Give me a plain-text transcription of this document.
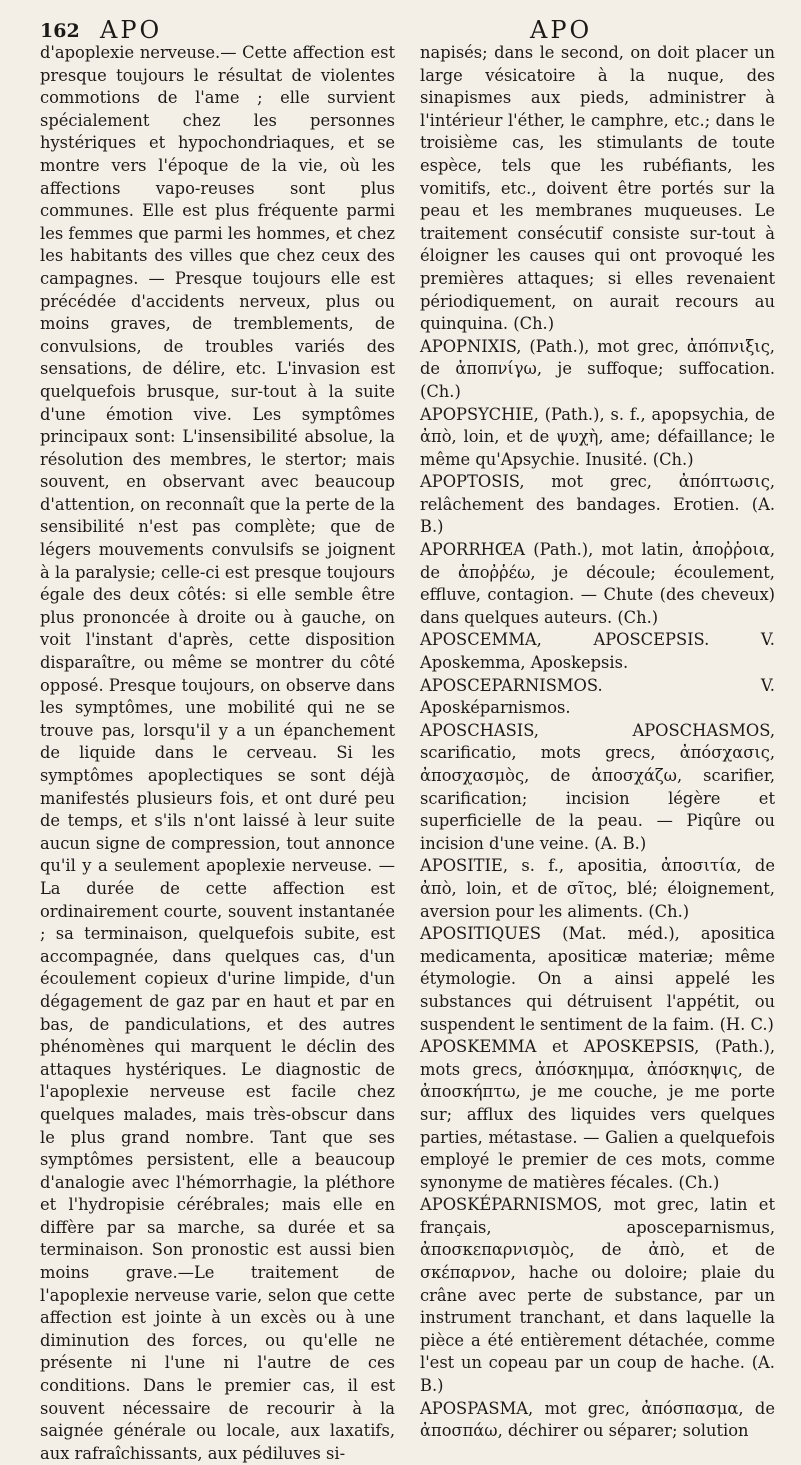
162 APO	APO

d'apoplexie nerveuse.— Cette affection est presque toujours le résultat de violentes commotions de l'ame ; elle survient spécialement chez les personnes hystériques et hypochondriaques, et se montre vers l'époque de la vie, où les affections vapo-reuses sont plus communes. Elle est plus fréquente parmi les femmes que parmi les hommes, et chez les habitants des villes que chez ceux des campagnes. — Presque toujours elle est précédée d'accidents nerveux, plus ou moins graves, de tremblements, de convulsions, de troubles variés des sensations, de délire, etc. L'invasion est quelquefois brusque, sur-tout à la suite d'une émotion vive. Les symptômes principaux sont: L'insensibilité absolue, la résolution des membres, le stertor; mais souvent, en observant avec beaucoup d'attention, on reconnaît que la perte de la sensibilité n'est pas complète; que de légers mouvements convulsifs se joignent à la paralysie; celle-ci est presque toujours égale des deux côtés: si elle semble être plus prononcée à droite ou à gauche, on voit l'instant d'après, cette disposition disparaître, ou même se montrer du côté opposé. Presque toujours, on observe dans les symptômes, une mobilité qui ne se trouve pas, lorsqu'il y a un épanchement de liquide dans le cerveau. Si les symptômes apoplectiques se sont déjà manifestés plusieurs fois, et ont duré peu de temps, et s'ils n'ont laissé à leur suite aucun signe de compression, tout annonce qu'il y a seulement apoplexie nerveuse. — La durée de cette affection est ordinairement courte, souvent instantanée ; sa terminaison, quelquefois subite, est accompagnée, dans quelques cas, d'un écoulement copieux d'urine limpide, d'un dégagement de gaz par en haut et par en bas, de pandiculations, et des autres phénomènes qui marquent le déclin des attaques hystériques. Le diagnostic de l'apoplexie nerveuse est facile chez quelques malades, mais très-obscur dans le plus grand nombre. Tant que ses symptômes persistent, elle a beaucoup d'analogie avec l'hémorrhagie, la pléthore et l'hydropisie cérébrales; mais elle en diffère par sa marche, sa durée et sa terminaison. Son pronostic est aussi bien moins grave.—Le traitement de l'apoplexie nerveuse varie, selon que cette affection est jointe à un excès ou à une diminution des forces, ou qu'elle ne présente ni l'une ni l'autre de ces conditions. Dans le premier cas, il est souvent nécessaire de recourir à la saignée générale ou locale, aux laxatifs, aux rafraîchissants, aux pédiluves si-

napisés; dans le second, on doit placer un large vésicatoire à la nuque, des sinapismes aux pieds, administrer à l'intérieur l'éther, le camphre, etc.; dans le troisième cas, les stimulants de toute espèce, tels que les rubéfiants, les vomitifs, etc., doivent être portés sur la peau et les membranes muqueuses. Le traitement consécutif consiste sur-tout à éloigner les causes qui ont provoqué les premières attaques; si elles revenaient périodiquement, on aurait recours au quinquina. (Ch.)

APOPNIXIS, (Path.), mot grec, ἀπόπνιξις, de ἀποπνίγω, je suffoque; suffocation. (Ch.)

APOPSYCHIE, (Path.), s. f., apopsychia, de ἀπὸ, loin, et de ψυχὴ, ame; défaillance; le même qu'Apsychie. Inusité. (Ch.)

APOPTOSIS, mot grec, ἀπόπτωσις, relâchement des bandages. Erotien. (A. B.)

APORRHŒA (Path.), mot latin, ἀποῤῥοια, de ἀποῤῥέω, je découle; écoulement, effluve, contagion. — Chute (des cheveux) dans quelques auteurs. (Ch.)

APOSCEMMA, APOSCEPSIS. V. Aposkemma, Aposkepsis.

APOSCEPARNISMOS. V. Aposképarnismos.

APOSCHASIS, APOSCHASMOS, scarificatio, mots grecs, ἀπόσχασις, ἀποσχασμὸς, de ἀποσχάζω, scarifier, scarification; incision légère et superficielle de la peau. — Piqûre ou incision d'une veine. (A. B.)

APOSITIE, s. f., apositia, ἀποσιτία, de ἀπὸ, loin, et de σῖτος, blé; éloignement, aversion pour les aliments. (Ch.)

APOSITIQUES (Mat. méd.), apositica medicamenta, apositicæ materiæ; même étymologie. On a ainsi appelé les substances qui détruisent l'appétit, ou suspendent le sentiment de la faim. (H. C.)

APOSKEMMA et APOSKEPSIS, (Path.), mots grecs, ἀπόσκημμα, ἀπόσκηψις, de ἀποσκήπτω, je me couche, je me porte sur; afflux des liquides vers quelques parties, métastase. — Galien a quelquefois employé le premier de ces mots, comme synonyme de matières fécales. (Ch.)

APOSKÉPARNISMOS, mot grec, latin et français, aposceparnismus, ἀποσκεπαρνισμὸς, de ἀπὸ, et de σκέπαρνον, hache ou doloire; plaie du crâne avec perte de substance, par un instrument tranchant, et dans laquelle la pièce a été entièrement détachée, comme l'est un copeau par un coup de hache. (A. B.)

APOSPASMA, mot grec, ἀπόσπασμα, de ἀποσπάω, déchirer ou séparer; solution
